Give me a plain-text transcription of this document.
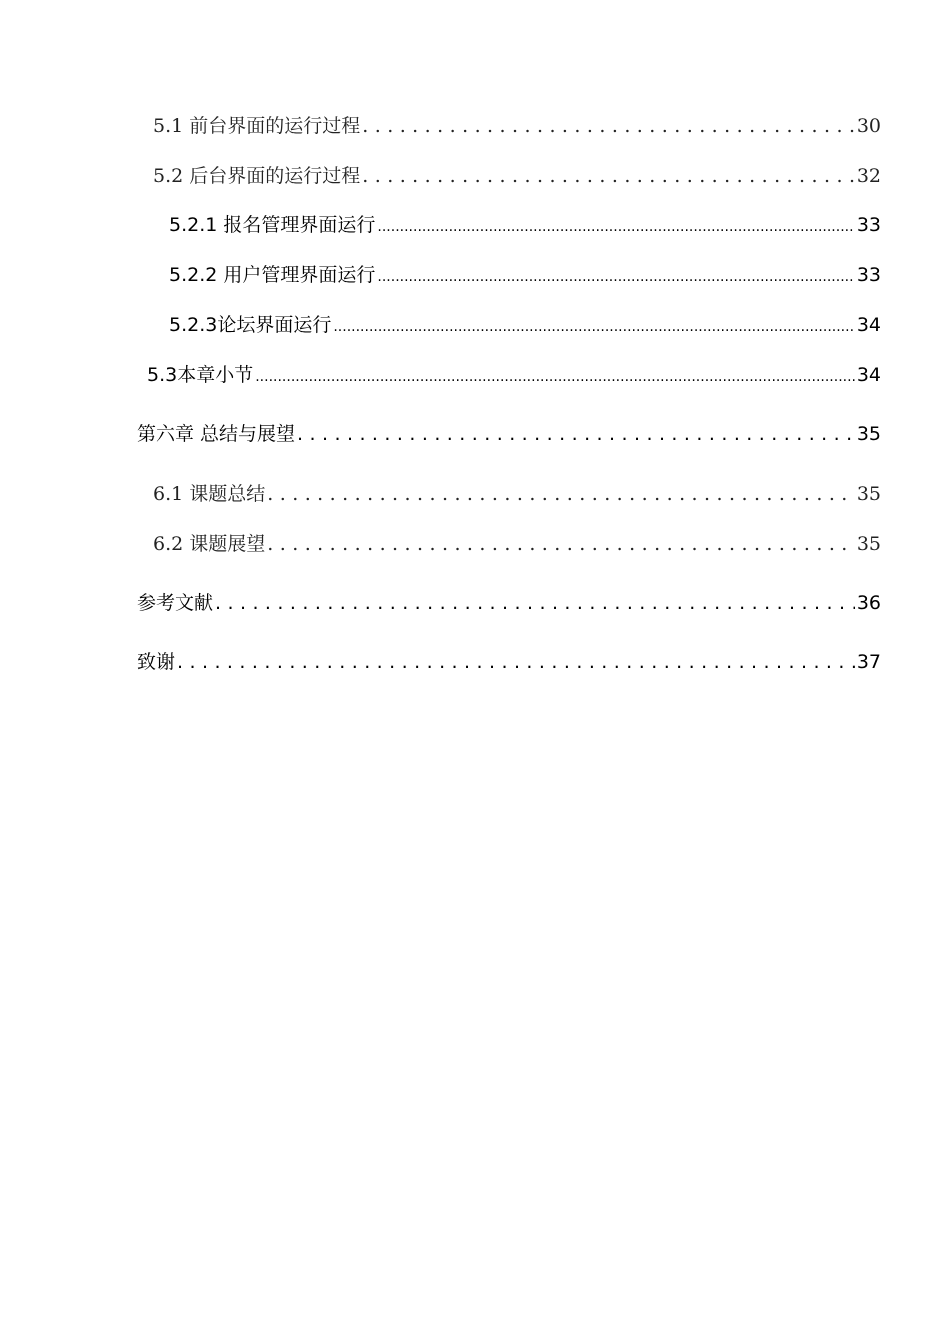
5.1 前台界面的运行过程 . . .	30
5.2 后台界面的运行过程 . . .	32
5.2.1 报名管理界面运行 .....	33
5.2.2 用户管理界面运行 .....	33
5.2.3论坛界面运行 .....	34
5.3本章小节 .....	34
第六章 总结与展望 . . .	35
6.1 课题总结 . . .	35
6.2 课题展望 . . .	35
参考文献 . . .	36
致谢 . . .	37
